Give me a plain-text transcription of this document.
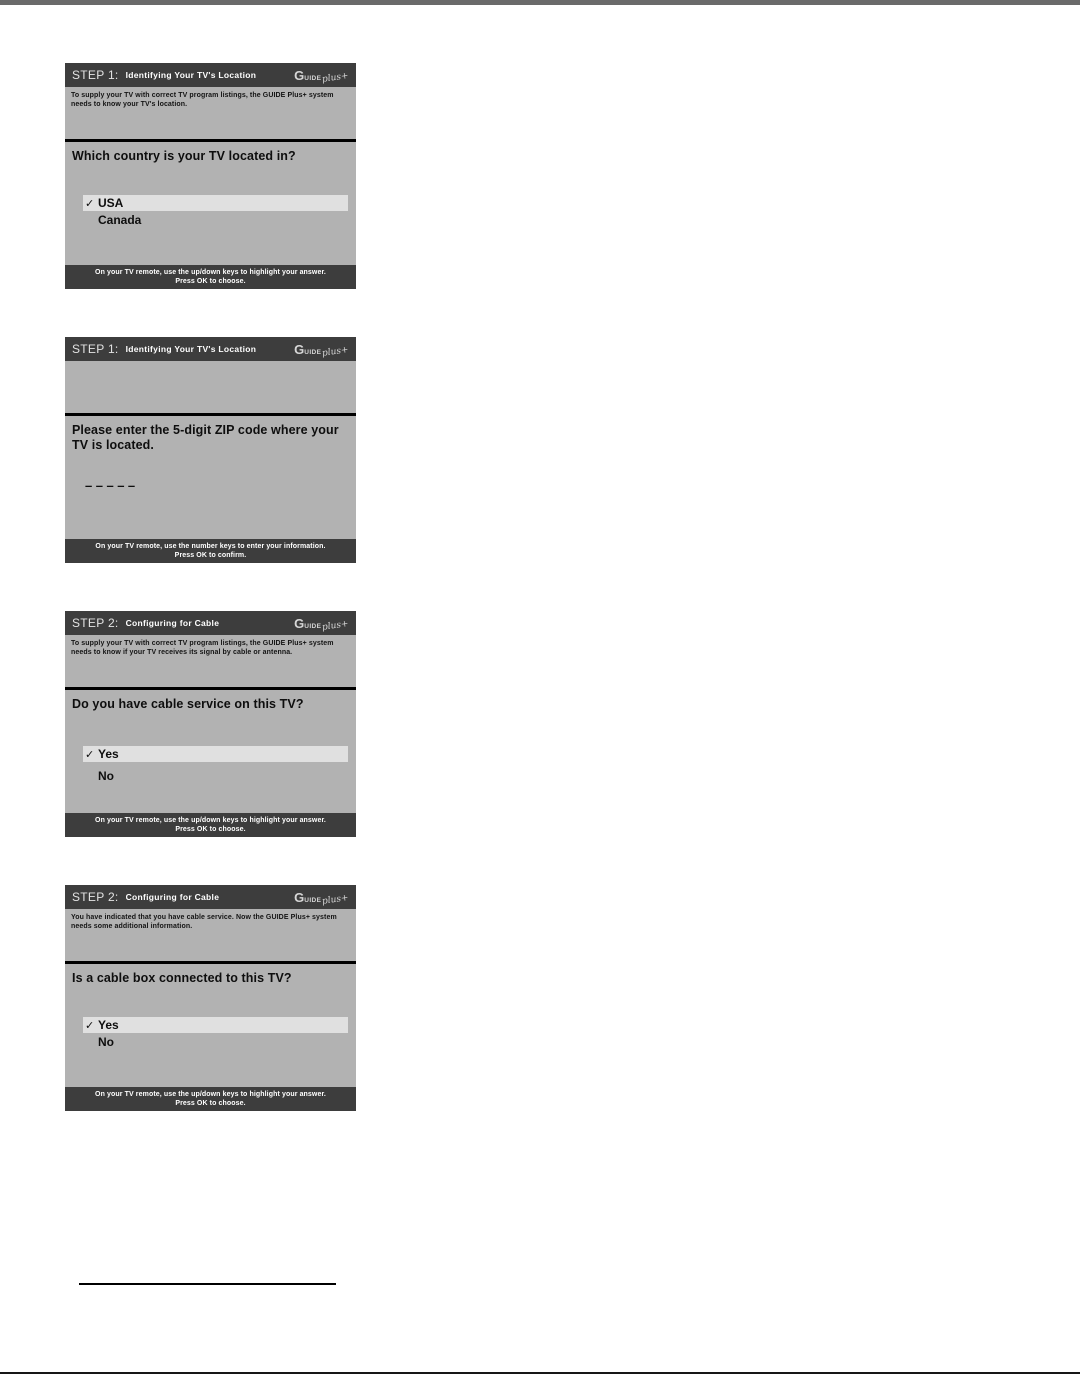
STEP 1: Identifying Your TV's Location	G UIDE plus+
To supply your TV with correct TV program listings, the GUIDE Plus+ system needs to know your TV's location.
Which country is your TV located in?
✓ USA
Canada
On your TV remote, use the up/down keys to highlight your answer.
Press OK to choose.
STEP 1: Identifying Your TV's Location	G UIDE plus+
Please enter the 5-digit ZIP code where your TV is located.
–––––
On your TV remote, use the number keys to enter your information.
Press OK to confirm.
STEP 2: Configuring for Cable	G UIDE plus+
To supply your TV with correct TV program listings, the GUIDE Plus+ system needs to know if your TV receives its signal by cable or antenna.
Do you have cable service on this TV?
✓ Yes
No
On your TV remote, use the up/down keys to highlight your answer.
Press OK to choose.
STEP 2: Configuring for Cable	G UIDE plus+
You have indicated that you have cable service. Now the GUIDE Plus+ system needs some additional information.
Is a cable box connected to this TV?
✓ Yes
No
On your TV remote, use the up/down keys to highlight your answer.
Press OK to choose.
